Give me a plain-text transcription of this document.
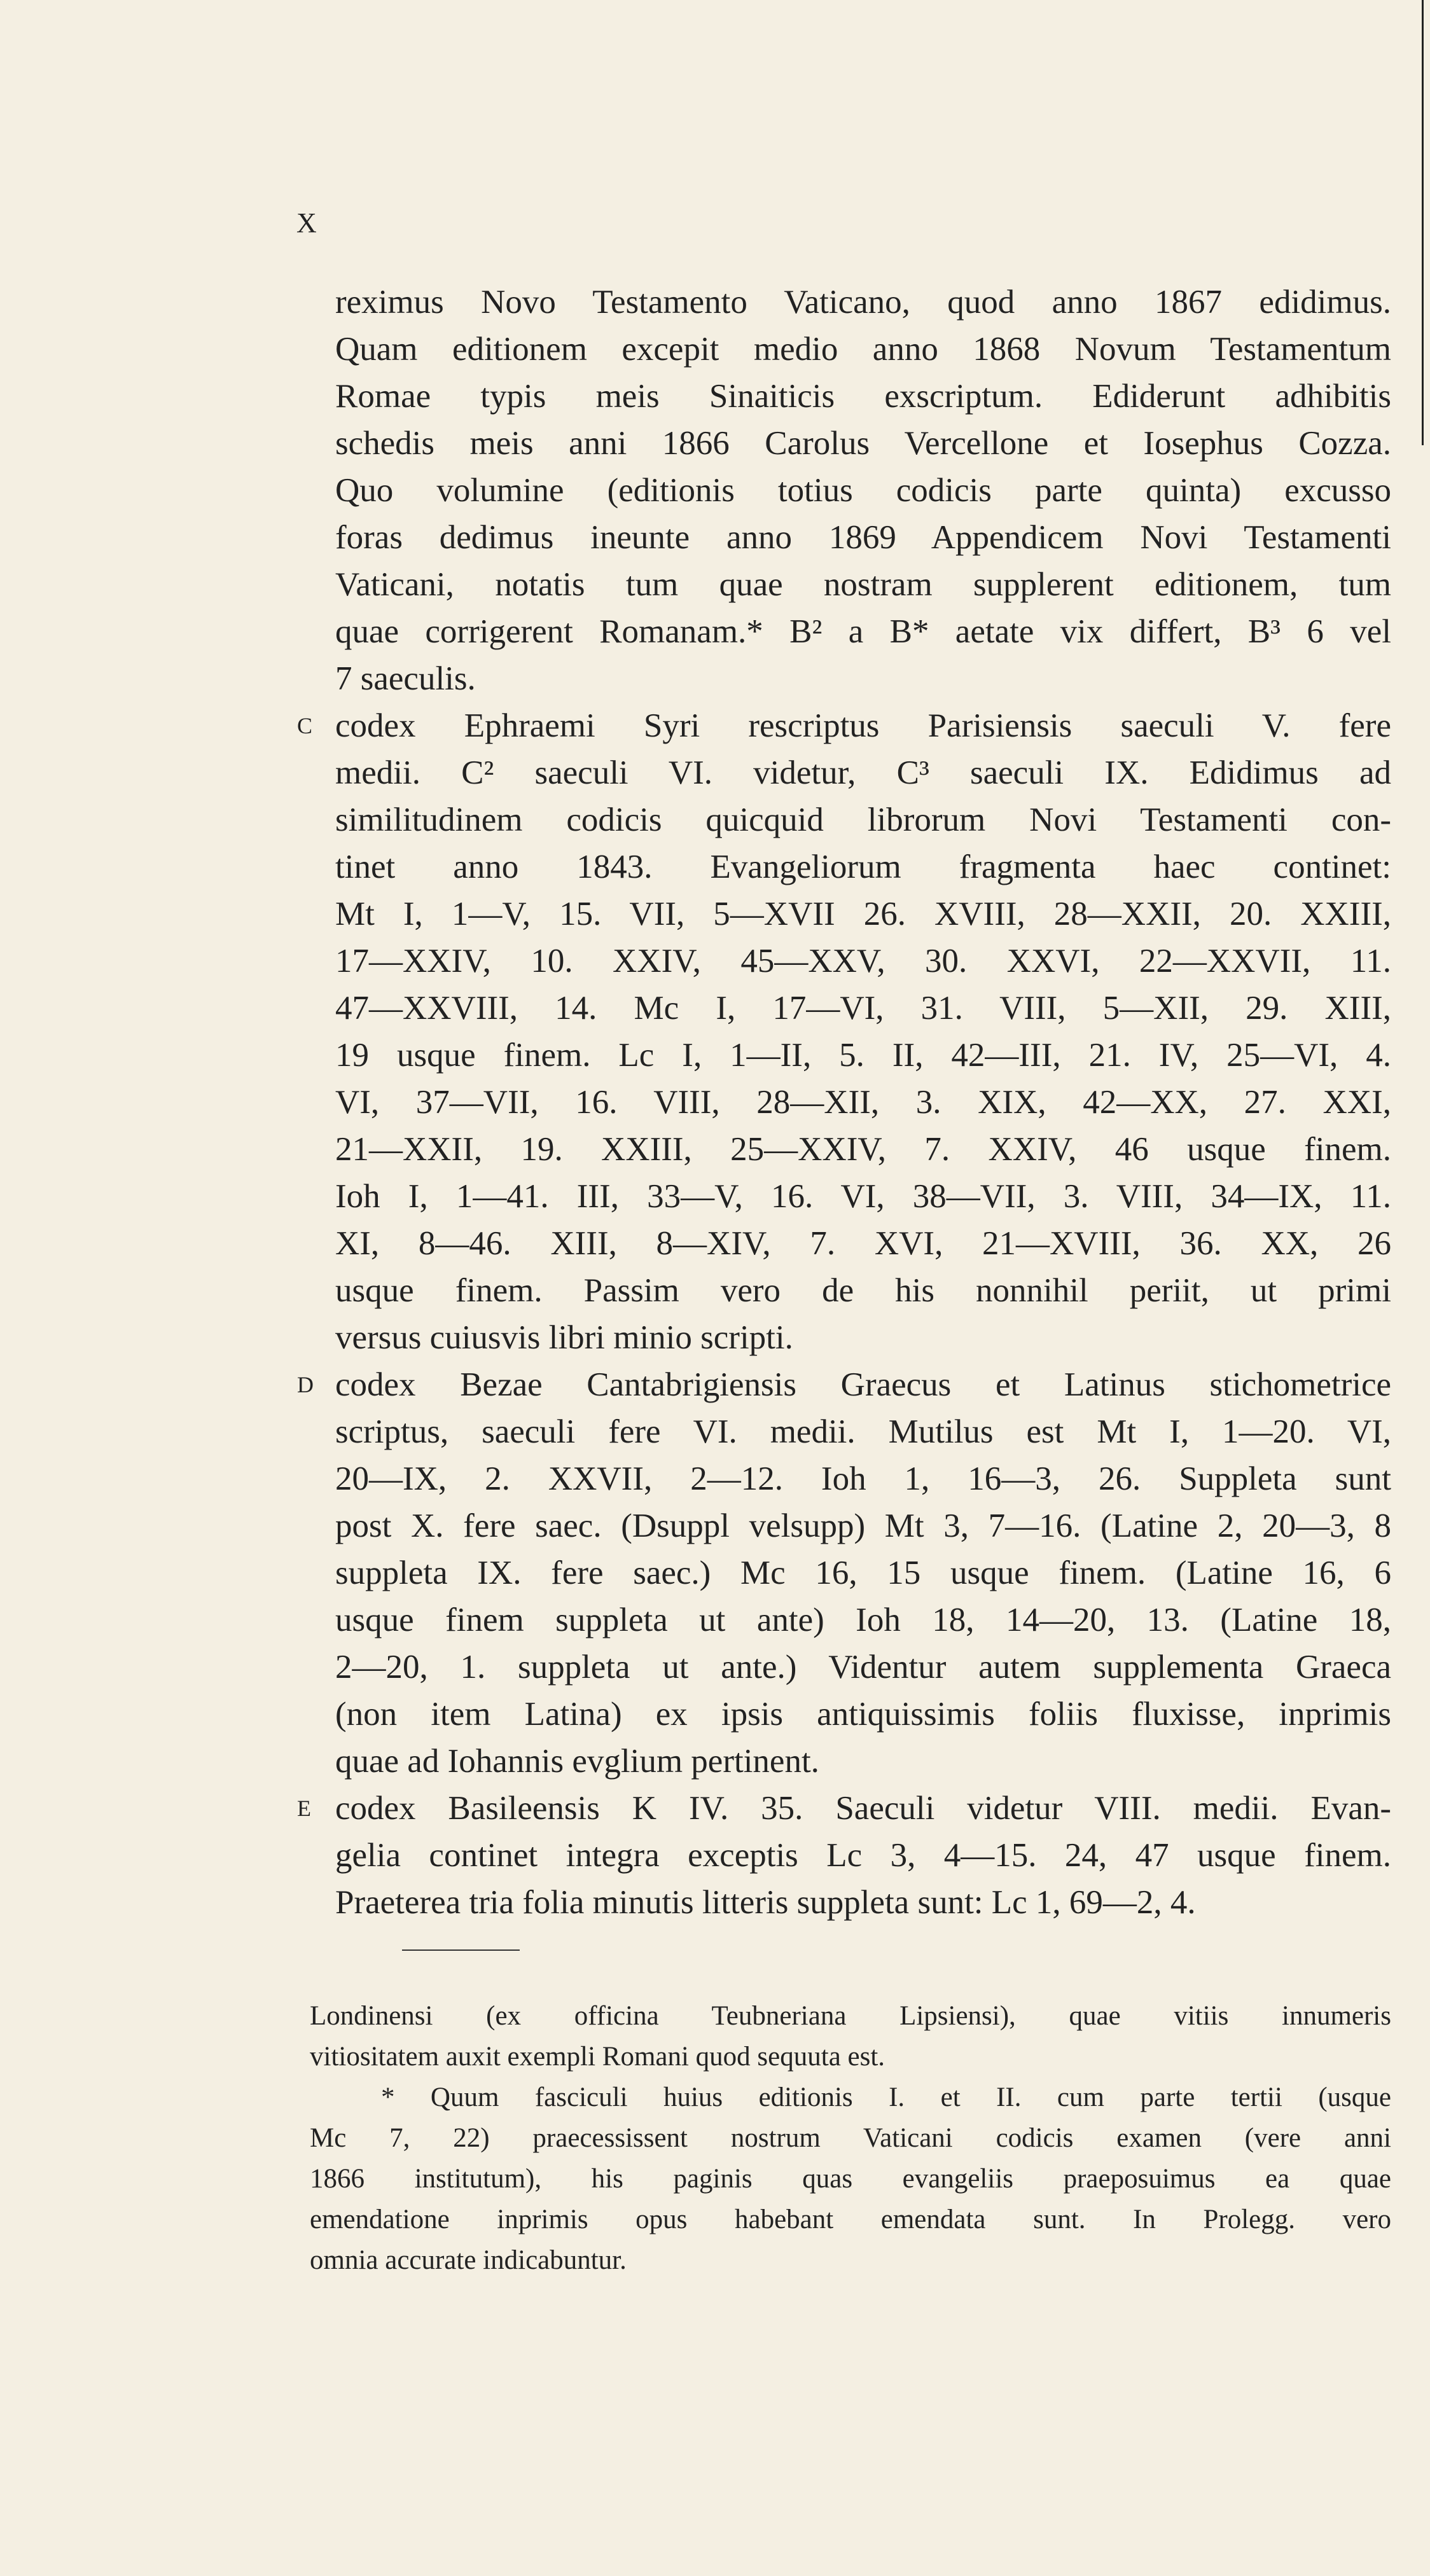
X
reximus Novo Testamento Vaticano, quod anno 1867 edidimus.
Quam editionem excepit medio anno 1868 Novum Testamentum
Romae typis meis Sinaiticis exscriptum. Ediderunt adhibitis
schedis meis anni 1866 Carolus Vercellone et Iosephus Cozza.
Quo volumine (editionis totius codicis parte quinta) excusso
foras dedimus ineunte anno 1869 Appendicem Novi Testamenti
Vaticani, notatis tum quae nostram supplerent editionem, tum
quae corrigerent Romanam.* B² a B* aetate vix differt, B³ 6 vel
7 saeculis.
C codex Ephraemi Syri rescriptus Parisiensis saeculi V. fere
medii. C² saeculi VI. videtur, C³ saeculi IX. Edidimus ad
similitudinem codicis quicquid librorum Novi Testamenti con-
tinet anno 1843. Evangeliorum fragmenta haec continet:
Mt I, 1—V, 15. VII, 5—XVII 26. XVIII, 28—XXII, 20. XXIII,
17—XXIV, 10. XXIV, 45—XXV, 30. XXVI, 22—XXVII, 11.
47—XXVIII, 14. Mc I, 17—VI, 31. VIII, 5—XII, 29. XIII,
19 usque finem. Lc I, 1—II, 5. II, 42—III, 21. IV, 25—VI, 4.
VI, 37—VII, 16. VIII, 28—XII, 3. XIX, 42—XX, 27. XXI,
21—XXII, 19. XXIII, 25—XXIV, 7. XXIV, 46 usque finem.
Ioh I, 1—41. III, 33—V, 16. VI, 38—VII, 3. VIII, 34—IX, 11.
XI, 8—46. XIII, 8—XIV, 7. XVI, 21—XVIII, 36. XX, 26
usque finem. Passim vero de his nonnihil periit, ut primi
versus cuiusvis libri minio scripti.
D codex Bezae Cantabrigiensis Graecus et Latinus stichometrice
scriptus, saeculi fere VI. medii. Mutilus est Mt I, 1—20. VI,
20—IX, 2. XXVII, 2—12. Ioh 1, 16—3, 26. Suppleta sunt
post X. fere saec. (Dsuppl velsupp) Mt 3, 7—16. (Latine 2, 20—3, 8
suppleta IX. fere saec.) Mc 16, 15 usque finem. (Latine 16, 6
usque finem suppleta ut ante) Ioh 18, 14—20, 13. (Latine 18,
2—20, 1. suppleta ut ante.) Videntur autem supplementa Graeca
(non item Latina) ex ipsis antiquissimis foliis fluxisse, inprimis
quae ad Iohannis evglium pertinent.
E codex Basileensis K IV. 35. Saeculi videtur VIII. medii. Evan-
gelia continet integra exceptis Lc 3, 4—15. 24, 47 usque finem.
Praeterea tria folia minutis litteris suppleta sunt: Lc 1, 69—2, 4.
Londinensi (ex officina Teubneriana Lipsiensi), quae vitiis innumeris
vitiositatem auxit exempli Romani quod sequuta est.
* Quum fasciculi huius editionis I. et II. cum parte tertii (usque
Mc 7, 22) praecessissent nostrum Vaticani codicis examen (vere anni
1866 institutum), his paginis quas evangeliis praeposuimus ea quae
emendatione inprimis opus habebant emendata sunt. In Prolegg. vero
omnia accurate indicabuntur.
